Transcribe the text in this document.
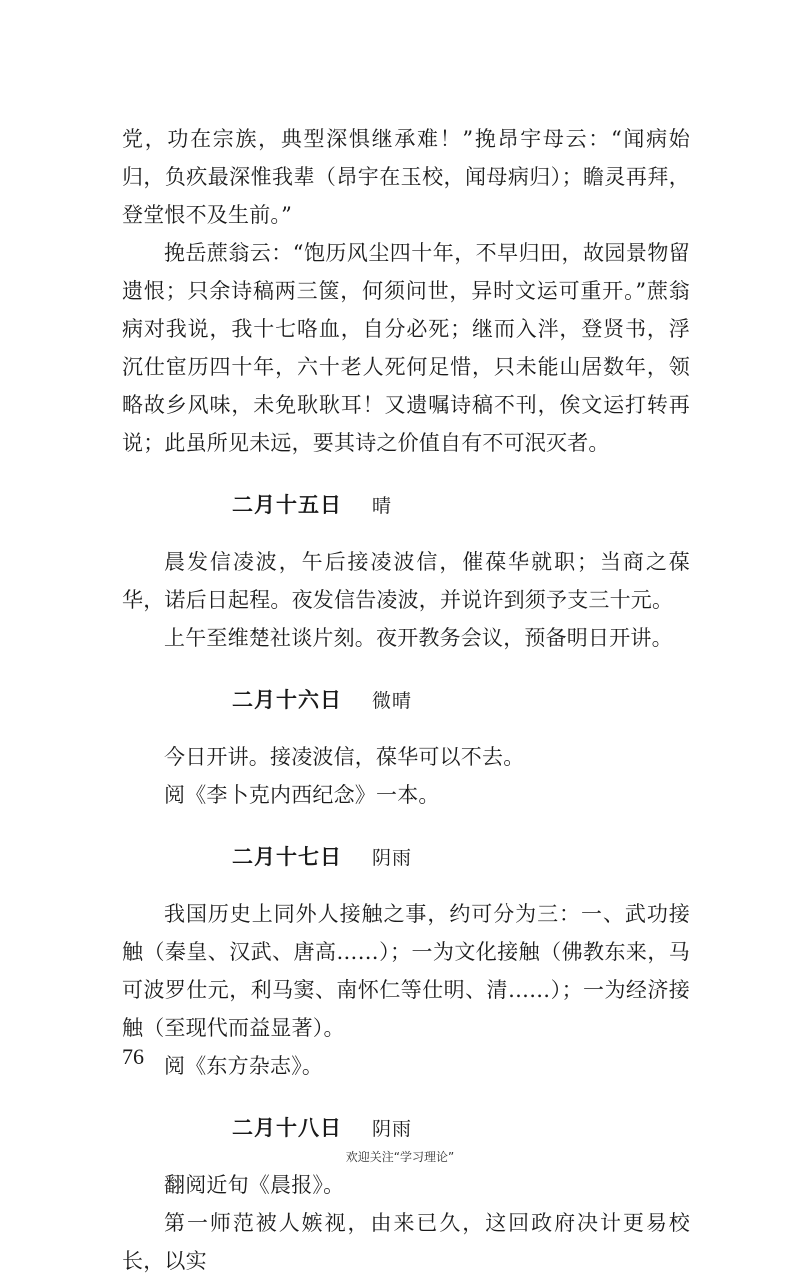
党，功在宗族，典型深惧继承难！”挽昂宇母云：“闻病始归，负疚最深惟我辈（昂宇在玉校，闻母病归）；瞻灵再拜，登堂恨不及生前。”

挽岳蔗翁云：“饱历风尘四十年，不早归田，故园景物留遗恨；只余诗稿两三箧，何须问世，异时文运可重开。”蔗翁病对我说，我十七咯血，自分必死；继而入泮，登贤书，浮沉仕宦历四十年，六十老人死何足惜，只未能山居数年，领略故乡风味，未免耿耿耳！又遗嘱诗稿不刊，俟文运打转再说；此虽所见未远，要其诗之价值自有不可泯灭者。

二月十五日 晴

晨发信凌波，午后接凌波信，催葆华就职；当商之葆华，诺后日起程。夜发信告凌波，并说许到须予支三十元。

上午至维楚社谈片刻。夜开教务会议，预备明日开讲。

二月十六日 微晴

今日开讲。接凌波信，葆华可以不去。

阅《李卜克内西纪念》一本。

二月十七日 阴雨

我国历史上同外人接触之事，约可分为三：一、武功接触（秦皇、汉武、唐高……）；一为文化接触（佛教东来，马可波罗仕元，利马窦、南怀仁等仕明、清……）；一为经济接触（至现代而益显著）。

阅《东方杂志》。

二月十八日 阴雨

翻阅近旬《晨报》。

第一师范被人嫉视，由来已久，这回政府决计更易校长，以实

76
欢迎关注“学习理论”
